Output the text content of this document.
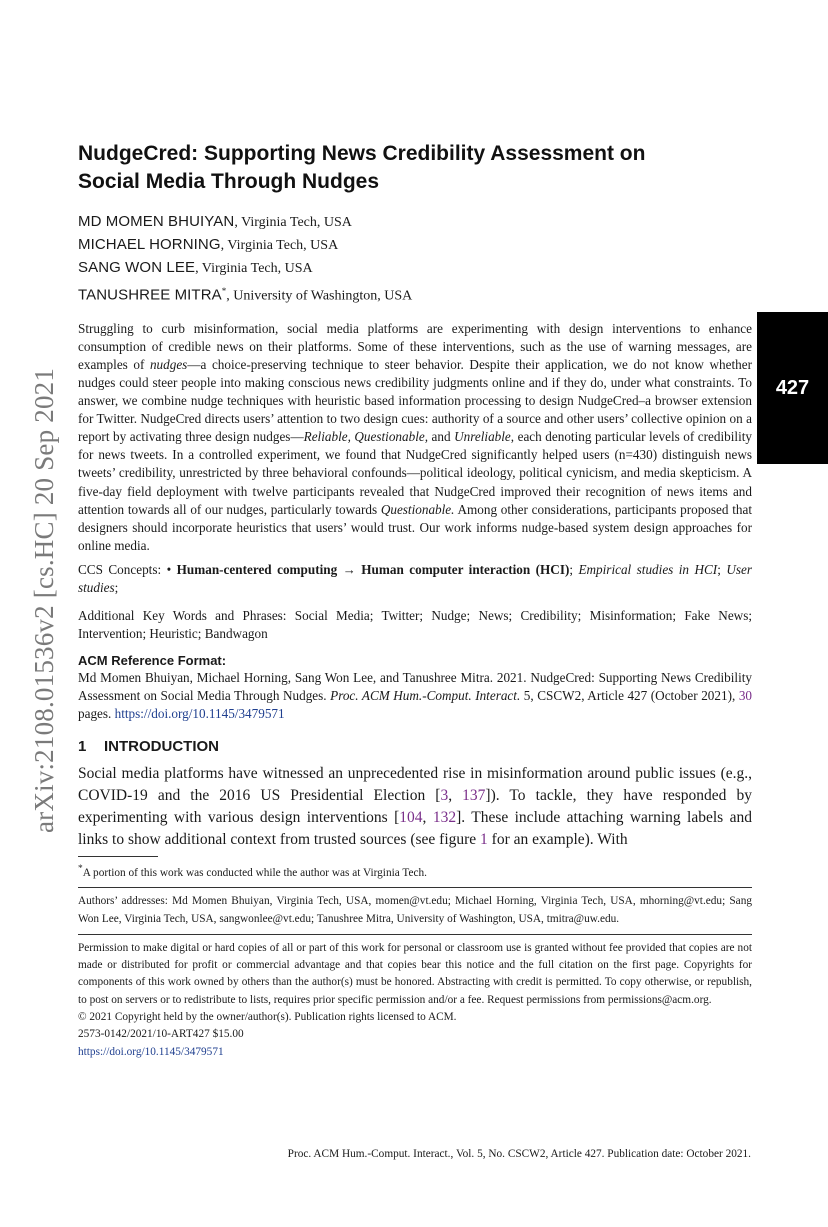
arXiv:2108.01536v2 [cs.HC] 20 Sep 2021	427
NudgeCred: Supporting News Credibility Assessment on
Social Media Through Nudges
MD MOMEN BHUIYAN, Virginia Tech, USA
MICHAEL HORNING, Virginia Tech, USA
SANG WON LEE, Virginia Tech, USA
TANUSHREE MITRA*, University of Washington, USA
Struggling to curb misinformation, social media platforms are experimenting with design interventions to enhance consumption of credible news on their platforms. Some of these interventions, such as the use of warning messages, are examples of nudges—a choice-preserving technique to steer behavior. Despite their application, we do not know whether nudges could steer people into making conscious news credibility judgments online and if they do, under what constraints. To answer, we combine nudge techniques with heuristic based information processing to design NudgeCred–a browser extension for Twitter. NudgeCred directs users’ attention to two design cues: authority of a source and other users’ collective opinion on a report by activating three design nudges—Reliable, Questionable, and Unreliable, each denoting particular levels of credibility for news tweets. In a controlled experiment, we found that NudgeCred significantly helped users (n=430) distinguish news tweets’ credibility, unrestricted by three behavioral confounds—political ideology, political cynicism, and media skepticism. A five-day field deployment with twelve participants revealed that NudgeCred improved their recognition of news items and attention towards all of our nudges, particularly towards Questionable. Among other considerations, participants proposed that designers should incorporate heuristics that users’ would trust. Our work informs nudge-based system design approaches for online media.
CCS Concepts: • Human-centered computing → Human computer interaction (HCI); Empirical studies in HCI; User studies;
Additional Key Words and Phrases: Social Media; Twitter; Nudge; News; Credibility; Misinformation; Fake News; Intervention; Heuristic; Bandwagon
ACM Reference Format:
Md Momen Bhuiyan, Michael Horning, Sang Won Lee, and Tanushree Mitra. 2021. NudgeCred: Supporting News Credibility Assessment on Social Media Through Nudges. Proc. ACM Hum.-Comput. Interact. 5, CSCW2, Article 427 (October 2021), 30 pages. https://doi.org/10.1145/3479571
1 INTRODUCTION
Social media platforms have witnessed an unprecedented rise in misinformation around public issues (e.g., COVID-19 and the 2016 US Presidential Election [3, 137]). To tackle, they have responded by experimenting with various design interventions [104, 132]. These include attaching warning labels and links to show additional context from trusted sources (see figure 1 for an example). With
*A portion of this work was conducted while the author was at Virginia Tech.
Authors’ addresses: Md Momen Bhuiyan, Virginia Tech, USA, momen@vt.edu; Michael Horning, Virginia Tech, USA, mhorning@vt.edu; Sang Won Lee, Virginia Tech, USA, sangwonlee@vt.edu; Tanushree Mitra, University of Washington, USA, tmitra@uw.edu.
Permission to make digital or hard copies of all or part of this work for personal or classroom use is granted without fee provided that copies are not made or distributed for profit or commercial advantage and that copies bear this notice and the full citation on the first page. Copyrights for components of this work owned by others than the author(s) must be honored. Abstracting with credit is permitted. To copy otherwise, or republish, to post on servers or to redistribute to lists, requires prior specific permission and/or a fee. Request permissions from permissions@acm.org.
© 2021 Copyright held by the owner/author(s). Publication rights licensed to ACM.
2573-0142/2021/10-ART427 $15.00
https://doi.org/10.1145/3479571
Proc. ACM Hum.-Comput. Interact., Vol. 5, No. CSCW2, Article 427. Publication date: October 2021.
